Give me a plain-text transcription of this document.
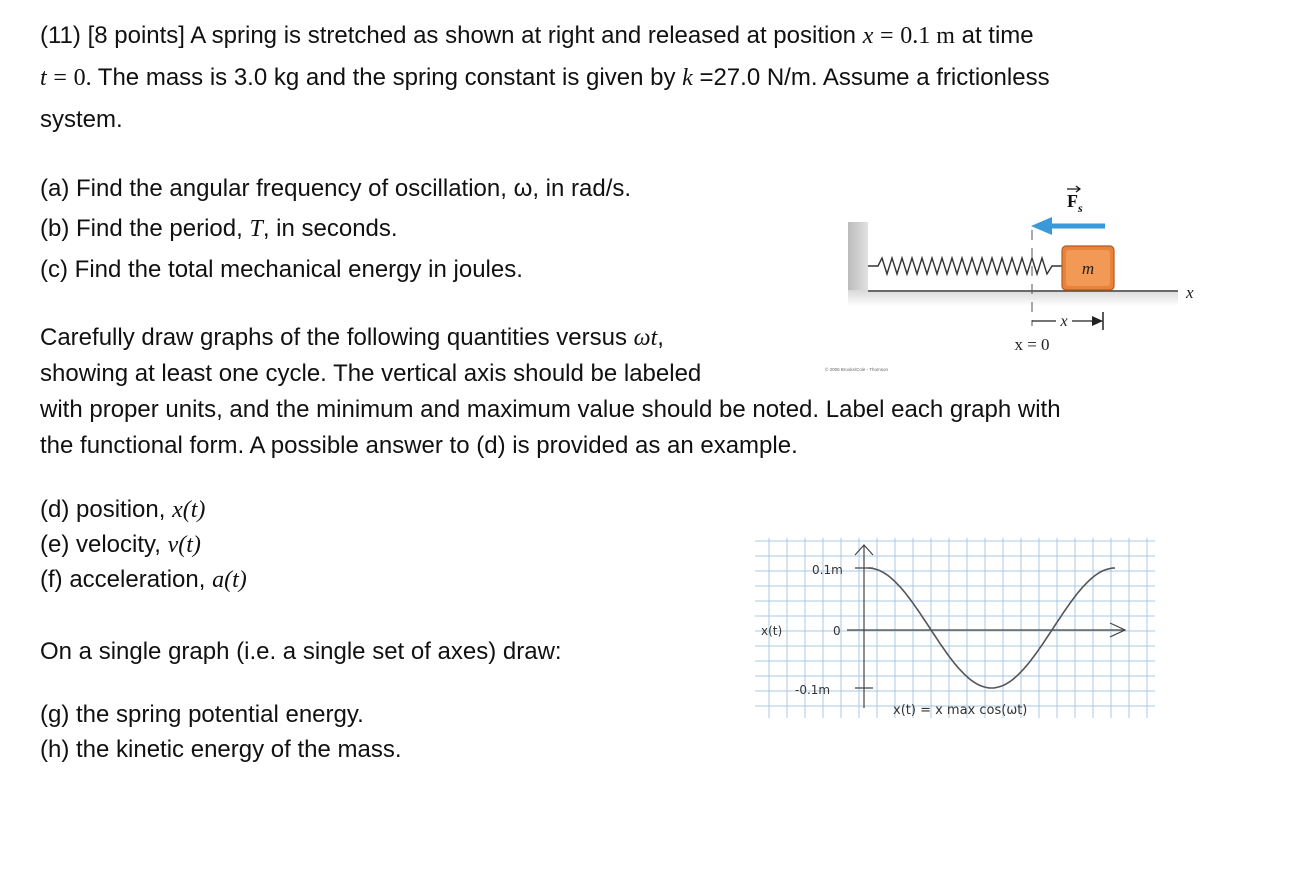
(11) [8 points] A spring is stretched as shown at right and released at position x = 0.1 m at time
t = 0. The mass is 3.0 kg and the spring constant is given by k =27.0 N/m. Assume a frictionless
system.
(a) Find the angular frequency of oscillation, ω, in rad/s.
(b) Find the period, T, in seconds.
(c) Find the total mechanical energy in joules.
Carefully draw graphs of the following quantities versus ωt,
showing at least one cycle. The vertical axis should be labeled
with proper units, and the minimum and maximum value should be noted. Label each graph with
the functional form. A possible answer to (d) is provided as an example.
(d) position, x(t)
(e) velocity, v(t)
(f) acceleration, a(t)
On a single graph (i.e. a single set of axes) draw:
(g) the spring potential energy.
(h) the kinetic energy of the mass.
m
$F_s$
x
x
x = 0
© 2006 Brooks/Cole - Thomson
0.1m
x(t)	0
-0.1m
x(t) = x max cos(ωt)
